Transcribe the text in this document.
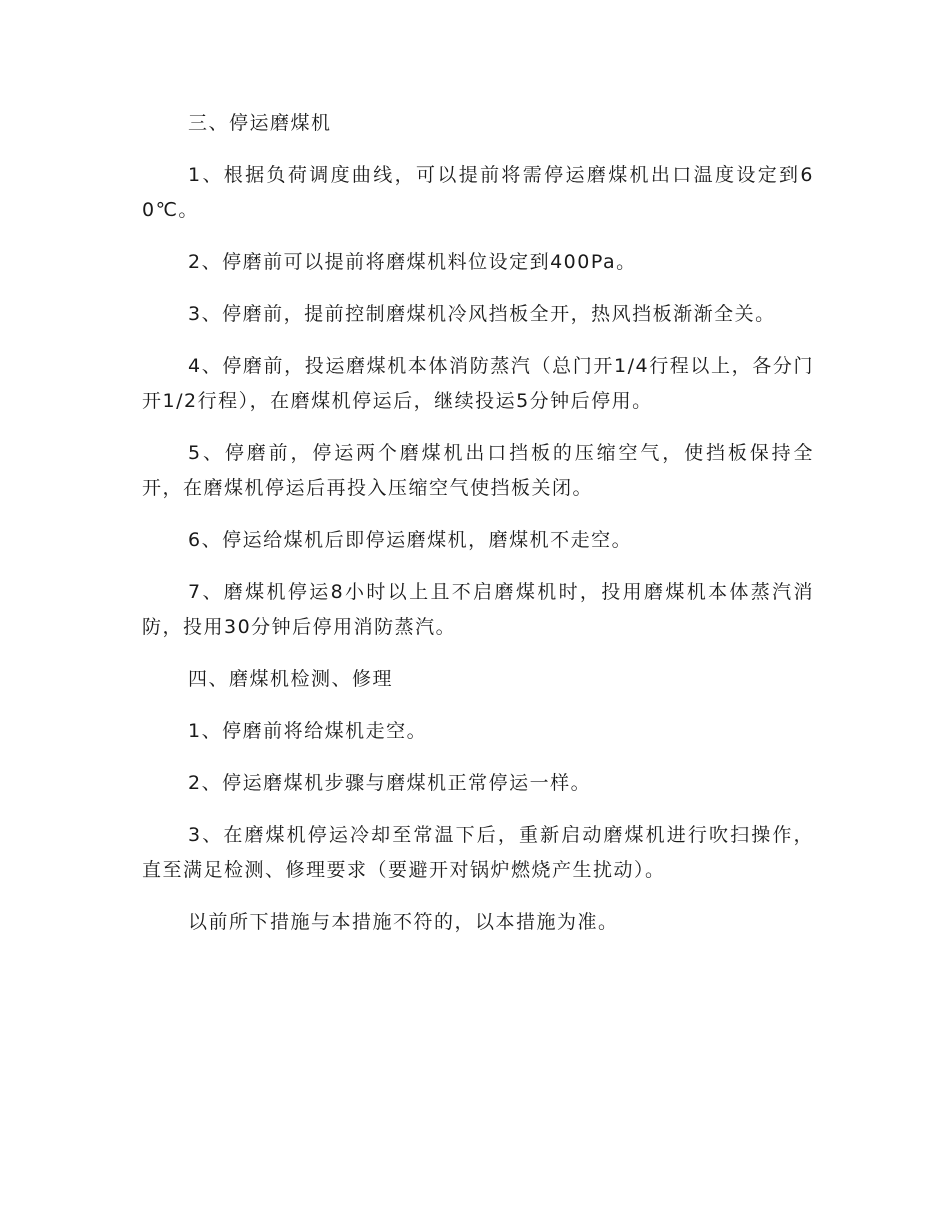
三、停运磨煤机

1、根据负荷调度曲线，可以提前将需停运磨煤机出口温度设定到60℃。

2、停磨前可以提前将磨煤机料位设定到400Pa。

3、停磨前，提前控制磨煤机冷风挡板全开，热风挡板渐渐全关。

4、停磨前，投运磨煤机本体消防蒸汽（总门开1/4行程以上，各分门开1/2行程），在磨煤机停运后，继续投运5分钟后停用。

5、停磨前，停运两个磨煤机出口挡板的压缩空气，使挡板保持全开，在磨煤机停运后再投入压缩空气使挡板关闭。

6、停运给煤机后即停运磨煤机，磨煤机不走空。

7、磨煤机停运8小时以上且不启磨煤机时，投用磨煤机本体蒸汽消防，投用30分钟后停用消防蒸汽。

四、磨煤机检测、修理

1、停磨前将给煤机走空。

2、停运磨煤机步骤与磨煤机正常停运一样。

3、在磨煤机停运冷却至常温下后，重新启动磨煤机进行吹扫操作，直至满足检测、修理要求（要避开对锅炉燃烧产生扰动）。

以前所下措施与本措施不符的，以本措施为准。
